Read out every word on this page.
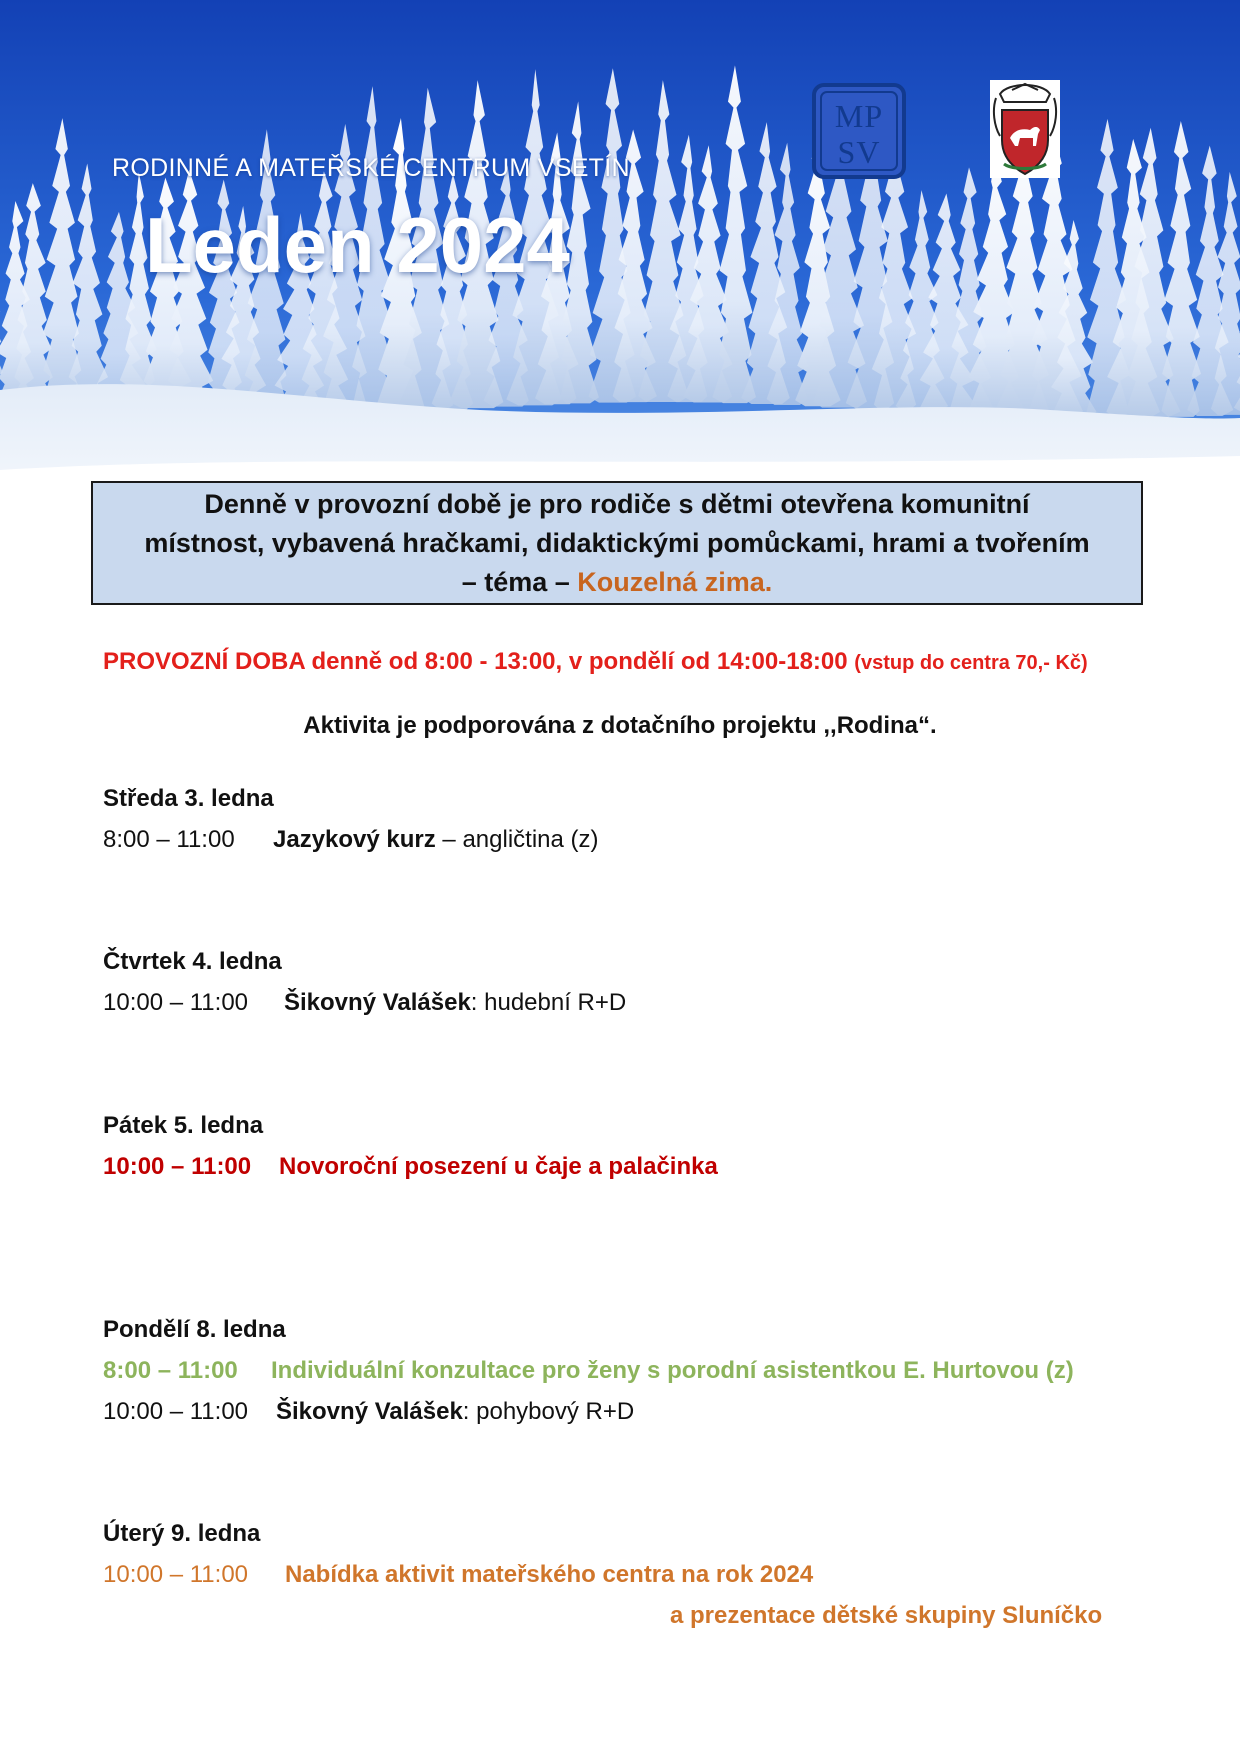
RODINNÉ A MATEŘSKÉ CENTRUM VSETÍN
Leden 2024
MP
SV
Denně v provozní době je pro rodiče s dětmi otevřena komunitní
místnost, vybavená hračkami, didaktickými pomůckami, hrami a tvořením
– téma – Kouzelná zima.
PROVOZNÍ DOBA denně od 8:00 - 13:00, v pondělí od 14:00-18:00 (vstup do centra 70,- Kč)
Aktivita je podporována z dotačního projektu ,,Rodina“.
Středa 3. ledna
8:00 – 11:00 Jazykový kurz – angličtina (z)
Čtvrtek 4. ledna
10:00 – 11:00 Šikovný Valášek: hudební R+D
Pátek 5. ledna
10:00 – 11:00 Novoroční posezení u čaje a palačinka
Pondělí 8. ledna
8:00 – 11:00 Individuální konzultace pro ženy s porodní asistentkou E. Hurtovou (z)
10:00 – 11:00 Šikovný Valášek: pohybový R+D
Úterý 9. ledna
10:00 – 11:00 Nabídka aktivit mateřského centra na rok 2024
a prezentace dětské skupiny Sluníčko
